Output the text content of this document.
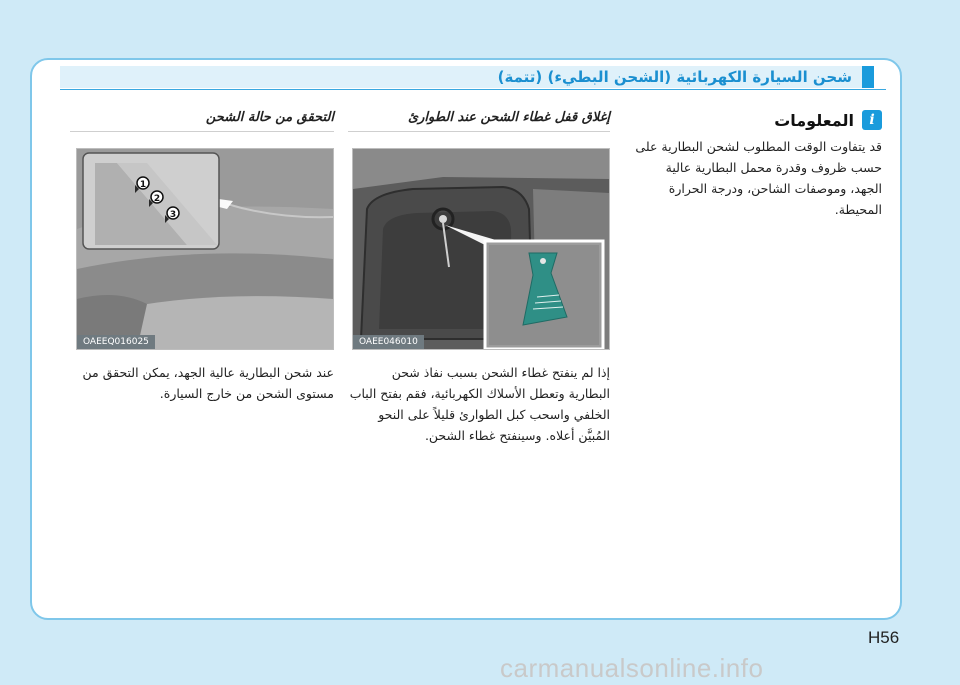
شحن السيارة الكهربائية (الشحن البطيء) (تتمة)
i
المعلومات

قد يتفاوت الوقت المطلوب لشحن البطارية على حسب ظروف وقدرة محمل البطارية عالية الجهد، وموصفات الشاحن، ودرجة الحرارة المحيطة.

إغلاق قفل غطاء الشحن عند الطوارئ
OAEE046010

إذا لم ينفتح غطاء الشحن بسبب نفاذ شحن البطارية وتعطل الأسلاك الكهربائية، فقم بفتح الباب الخلفي واسحب كبل الطوارئ قليلاً على النحو المُبيَّن أعلاه. وسينفتح غطاء الشحن.

التحقق من حالة الشحن
1
2
3
OAEEQ016025

عند شحن البطارية عالية الجهد، يمكن التحقق من مستوى الشحن من خارج السيارة.

H56
carmanualsonline.info
